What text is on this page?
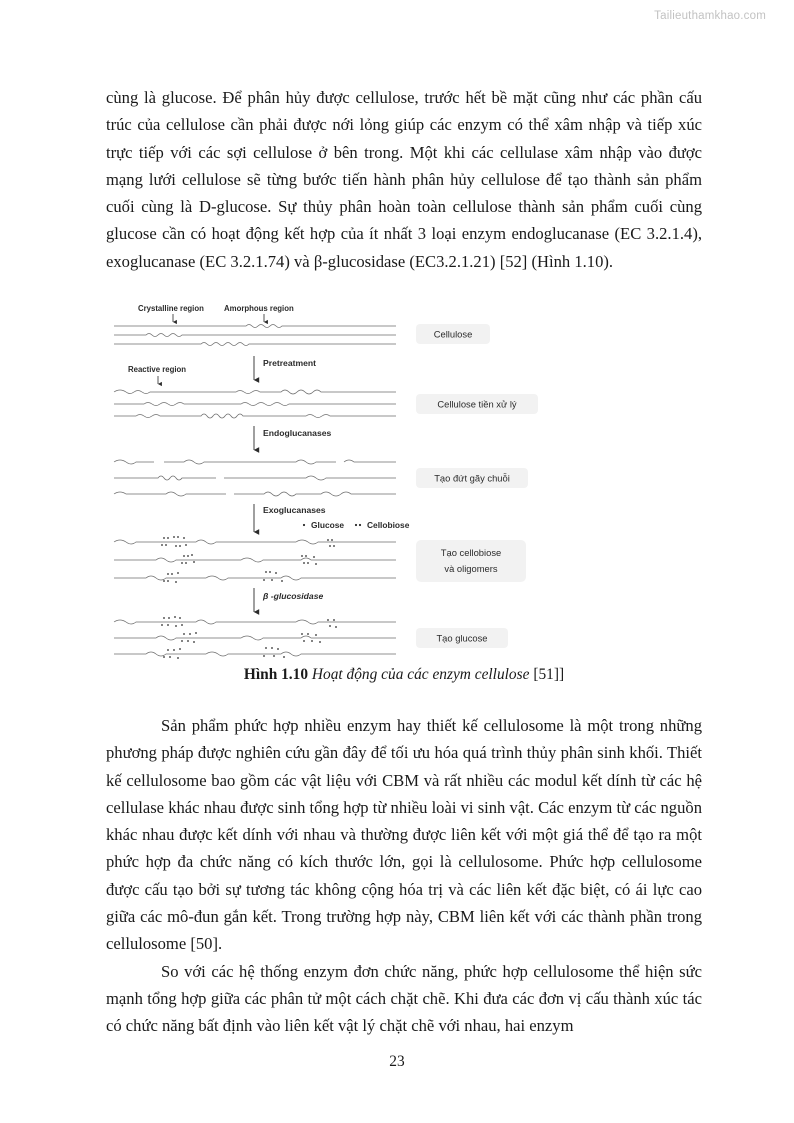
Tailieuthamkhao.com

cùng là glucose. Để phân hủy được cellulose, trước hết bề mặt cũng như các phần cấu trúc của cellulose cần phải được nới lỏng giúp các enzym có thể xâm nhập và tiếp xúc trực tiếp với các sợi cellulose ở bên trong. Một khi các cellulase xâm nhập vào được mạng lưới cellulose sẽ từng bước tiến hành phân hủy cellulose để tạo thành sản phẩm cuối cùng là D-glucose. Sự thủy phân hoàn toàn cellulose thành sản phẩm cuối cùng glucose cần có hoạt động kết hợp của ít nhất 3 loại enzym endoglucanase (EC 3.2.1.4), exoglucanase (EC 3.2.1.74) và β-glucosidase (EC3.2.1.21) [52] (Hình 1.10).

Crystalline region	Amorphous region
Cellulose
Pretreatment
Reactive region
Cellulose tiền xử lý
Endoglucanases
Tạo đứt gãy chuỗi
Exoglucanases
Glucose	Cellobiose
Tạo cellobiose
và oligomers
β -glucosidase
Tạo glucose
Hình 1.10 Hoạt động của các enzym cellulose [51]]

Sản phẩm phức hợp nhiều enzym hay thiết kế cellulosome là một trong những phương pháp được nghiên cứu gần đây để tối ưu hóa quá trình thủy phân sinh khối. Thiết kế cellulosome bao gồm các vật liệu với CBM và rất nhiều các modul kết dính từ các hệ cellulase khác nhau được sinh tổng hợp từ nhiều loài vi sinh vật. Các enzym từ các nguồn khác nhau được kết dính với nhau và thường được liên kết với một giá thể để tạo ra một phức hợp đa chức năng có kích thước lớn, gọi là cellulosome. Phức hợp cellulosome được cấu tạo bởi sự tương tác không cộng hóa trị và các liên kết đặc biệt, có ái lực cao giữa các mô-đun gắn kết. Trong trường hợp này, CBM liên kết với các thành phần trong cellulosome [50].

So với các hệ thống enzym đơn chức năng, phức hợp cellulosome thể hiện sức mạnh tổng hợp giữa các phân tử một cách chặt chẽ. Khi đưa các đơn vị cấu thành xúc tác có chức năng bất định vào liên kết vật lý chặt chẽ với nhau, hai enzym

23
